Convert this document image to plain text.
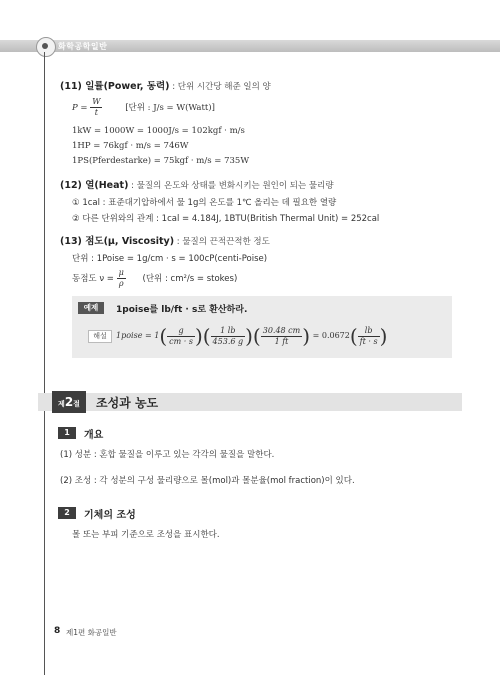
화학공학일반
(11) 일률(Power, 동력) : 단위 시간당 해준 일의 양
$P = \frac{W}{t}$	[단위 : J/s = W(Watt)]
1kW = 1000W = 1000J/s = 102kgf · m/s
1HP = 76kgf · m/s = 746W
1PS(Pferdestarke) = 75kgf · m/s = 735W
(12) 열(Heat) : 물질의 온도와 상태를 변화시키는 원인이 되는 물리량
① 1cal : 표준대기압하에서 물 1g의 온도를 1℃ 올리는 데 필요한 열량
② 다른 단위와의 관계 : 1cal = 4.184J, 1BTU(British Thermal Unit) = 252cal
(13) 점도(μ, Viscosity) : 물질의 끈적끈적한 정도
단위 : 1Poise = 1g/cm · s = 100cP(centi-Poise)
동점도 $\nu = \frac{\mu}{\rho}$ (단위 : cm²/s = stokes)
예제	1poise를 lb/ft · s로 환산하라.
해설	1poise = $1( \frac{g}{cm \cdot s}$ )( $\frac{1 lb}{453.6 g}$ )( $\frac{30.48 cm}{1 ft}$ ) = $0.0672( \frac{lb}{ft \cdot s}$ )
제2절	조성과 농도
1	개요
(1) 성분 : 혼합 물질을 이루고 있는 각각의 물질을 말한다.
(2) 조성 : 각 성분의 구성 물리량으로 몰(mol)과 몰분율(mol fraction)이 있다.
2	기체의 조성
몰 또는 부피 기준으로 조성을 표시한다.
8 제1편 화공일반
